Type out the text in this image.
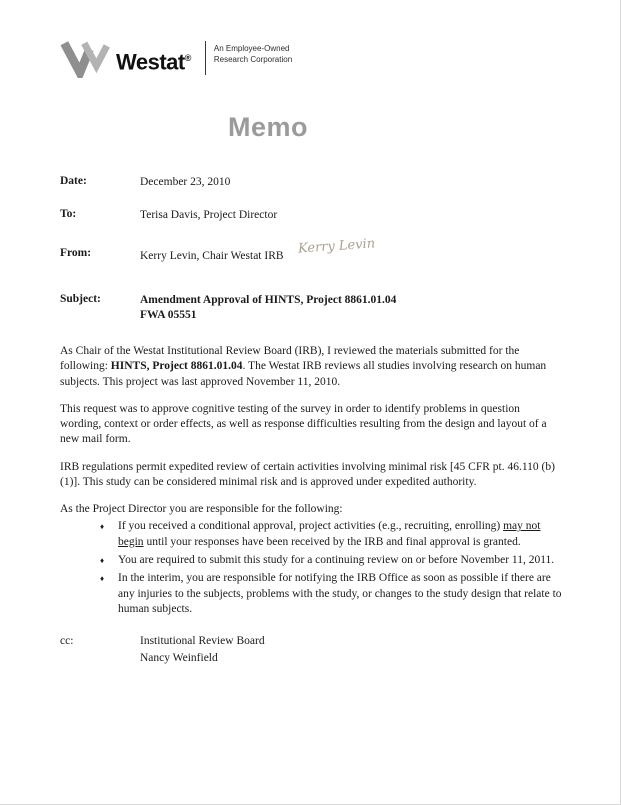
Westat®
An Employee-Owned
Research Corporation
Memo
Date:	December 23, 2010
To:	Terisa Davis, Project Director
From:	Kerry Levin, Chair Westat IRB Kerry Levin
Subject:	Amendment Approval of HINTS, Project 8861.01.04
FWA 05551

As Chair of the Westat Institutional Review Board (IRB), I reviewed the materials submitted for the following: HINTS, Project 8861.01.04. The Westat IRB reviews all studies involving research on human subjects. This project was last approved November 11, 2010.

This request was to approve cognitive testing of the survey in order to identify problems in question wording, context or order effects, as well as response difficulties resulting from the design and layout of a new mail form.

IRB regulations permit expedited review of certain activities involving minimal risk [45 CFR pt. 46.110 (b) (1)]. This study can be considered minimal risk and is approved under expedited authority.

As the Project Director you are responsible for the following:

♦	If you received a conditional approval, project activities (e.g., recruiting, enrolling) may not begin until your responses have been received by the IRB and final approval is granted.
♦	You are required to submit this study for a continuing review on or before November 11, 2011.
♦	In the interim, you are responsible for notifying the IRB Office as soon as possible if there are any injuries to the subjects, problems with the study, or changes to the study design that relate to human subjects.
cc:	Institutional Review Board
Nancy Weinfield
